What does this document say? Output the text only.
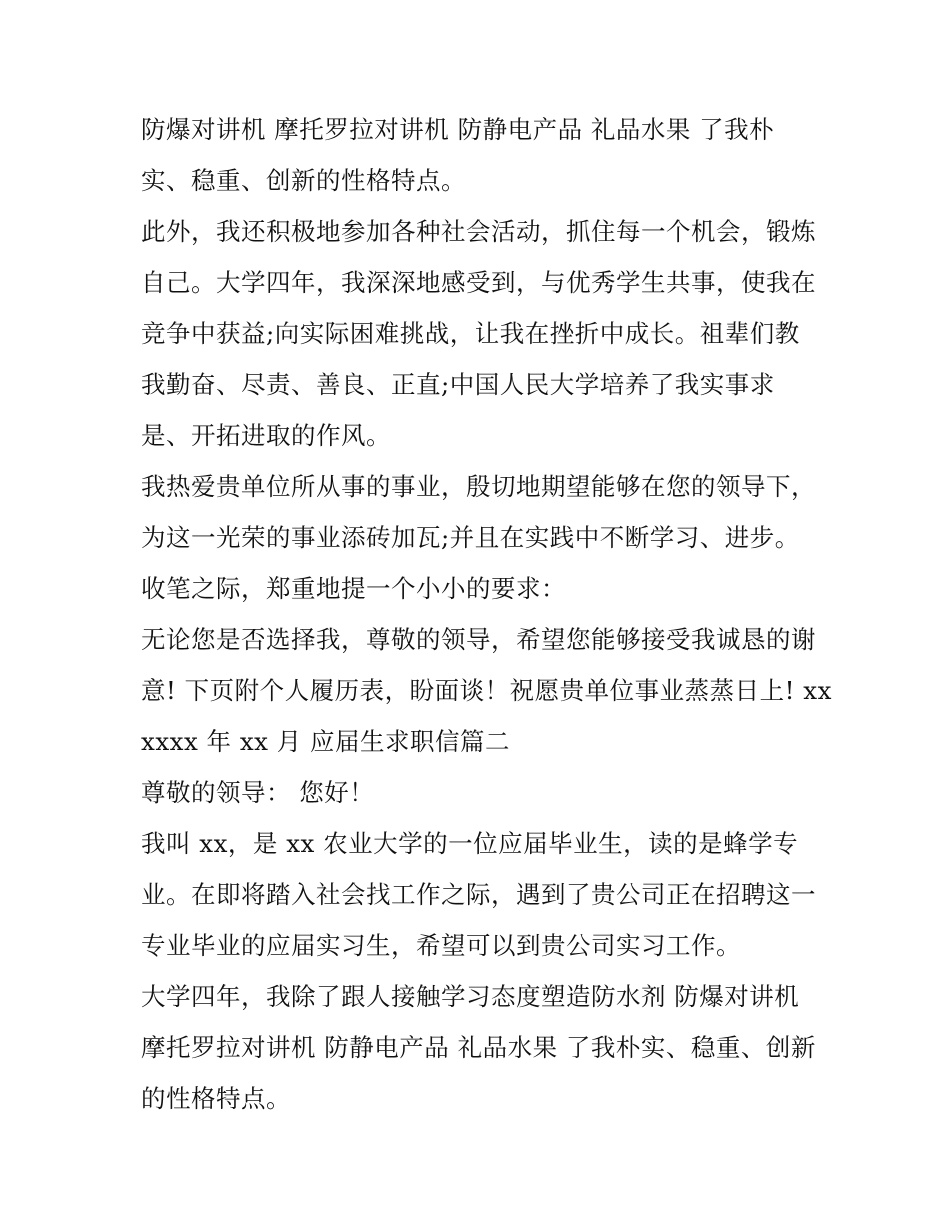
防爆对讲机 摩托罗拉对讲机 防静电产品 礼品水果 了我朴
实、稳重、创新的性格特点。
此外，我还积极地参加各种社会活动，抓住每一个机会，锻炼
自己。大学四年，我深深地感受到，与优秀学生共事，使我在
竞争中获益;向实际困难挑战，让我在挫折中成长。祖辈们教
我勤奋、尽责、善良、正直;中国人民大学培养了我实事求
是、开拓进取的作风。
我热爱贵单位所从事的事业，殷切地期望能够在您的领导下，
为这一光荣的事业添砖加瓦;并且在实践中不断学习、进步。
收笔之际，郑重地提一个小小的要求：
无论您是否选择我，尊敬的领导，希望您能够接受我诚恳的谢
意! 下页附个人履历表，盼面谈！祝愿贵单位事业蒸蒸日上! xx
xxxx 年 xx 月 应届生求职信篇二
尊敬的领导： 您好！
我叫 xx，是 xx 农业大学的一位应届毕业生，读的是蜂学专
业。在即将踏入社会找工作之际，遇到了贵公司正在招聘这一
专业毕业的应届实习生，希望可以到贵公司实习工作。
大学四年，我除了跟人接触学习态度塑造防水剂 防爆对讲机
摩托罗拉对讲机 防静电产品 礼品水果 了我朴实、稳重、创新
的性格特点。
